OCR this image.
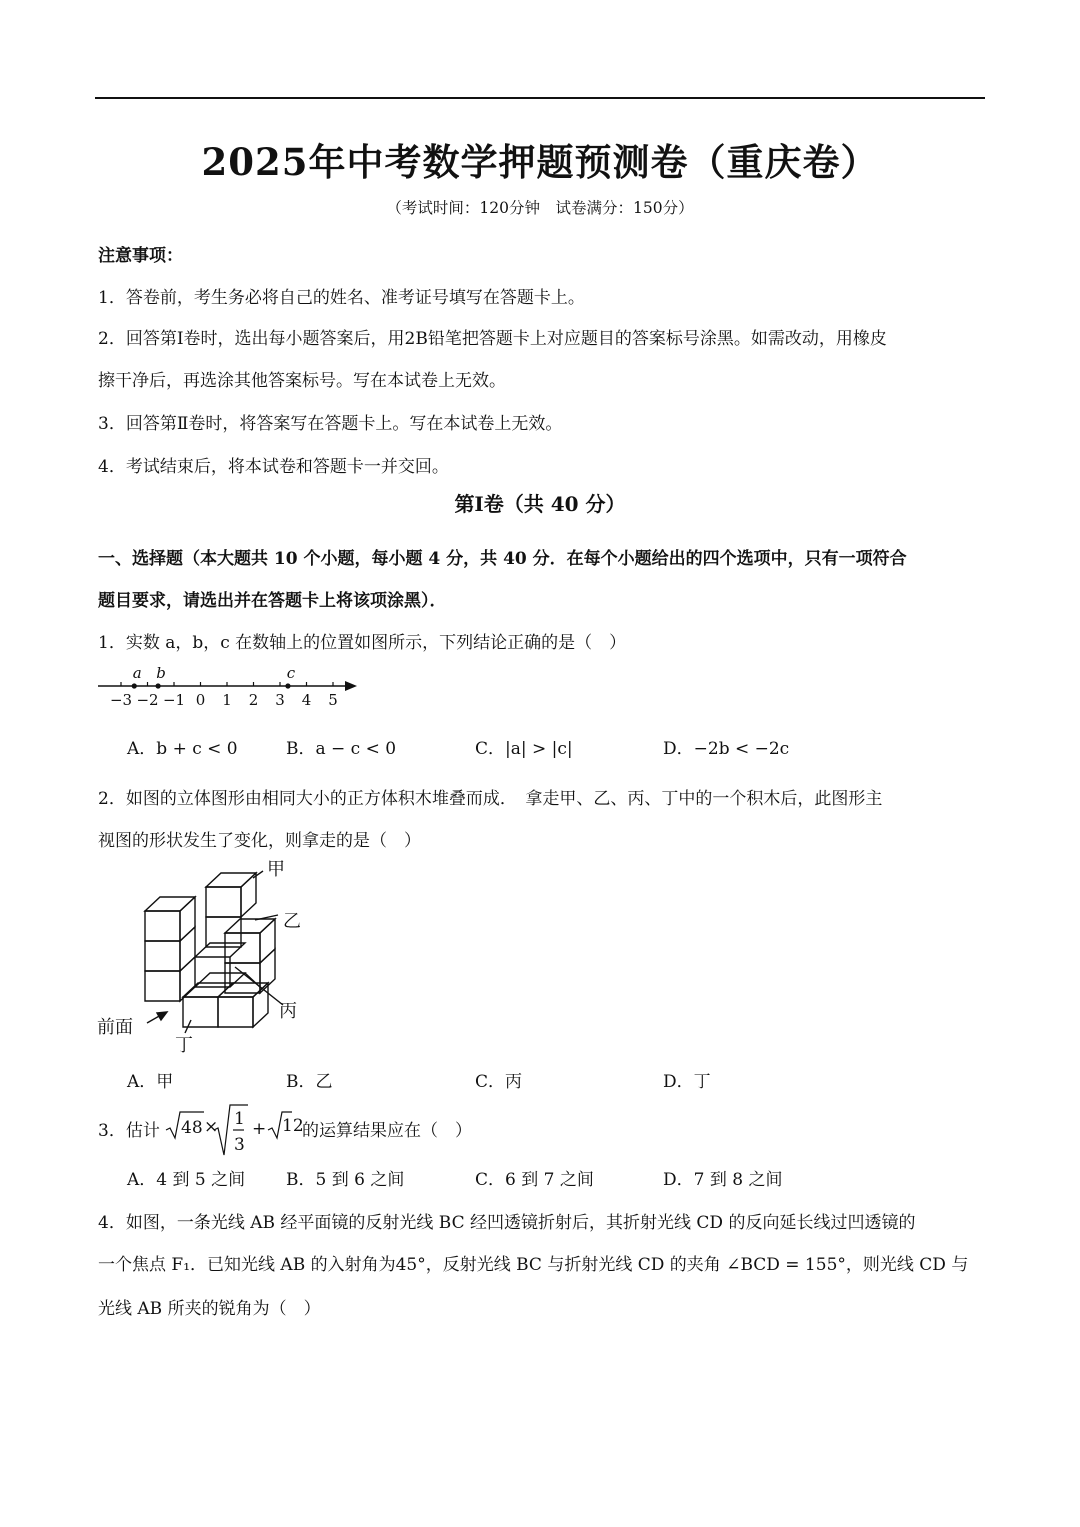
2025年中考数学押题预测卷（重庆卷）
（考试时间：120分钟　试卷满分：150分）
注意事项：
1．答卷前，考生务必将自己的姓名、准考证号填写在答题卡上。
2．回答第Ⅰ卷时，选出每小题答案后，用2B铅笔把答题卡上对应题目的答案标号涂黑。如需改动，用橡皮
擦干净后，再选涂其他答案标号。写在本试卷上无效。
3．回答第Ⅱ卷时，将答案写在答题卡上。写在本试卷上无效。
4．考试结束后，将本试卷和答题卡一并交回。
第Ⅰ卷（共 40 分）
一、选择题（本大题共 10 个小题，每小题 4 分，共 40 分．在每个小题给出的四个选项中，只有一项符合
题目要求，请选出并在答题卡上将该项涂黑）．
1．实数 a，b，c 在数轴上的位置如图所示，下列结论正确的是（　）
−3 −2 −1 0 1 2 3 4 5
a b	c
A．b + c < 0	B．a − c < 0	C．|a| > |c|	D．−2b < −2c
2．如图的立体图形由相同大小的正方体积木堆叠而成．　拿走甲、乙、丙、丁中的一个积木后，此图形主
视图的形状发生了变化，则拿走的是（　）
甲
乙
丙
丁
前面
A．甲	B．乙	C．丙	D．丁
3．估计 48 × 1
3
+ 12
的运算结果应在（　）
A．4 到 5 之间 B．5 到 6 之间	C．6 到 7 之间	D．7 到 8 之间
4．如图，一条光线 AB 经平面镜的反射光线 BC 经凹透镜折射后，其折射光线 CD 的反向延长线过凹透镜的
一个焦点 F₁．已知光线 AB 的入射角为45°，反射光线 BC 与折射光线 CD 的夹角 ∠BCD = 155°，则光线 CD 与
光线 AB 所夹的锐角为（　）
